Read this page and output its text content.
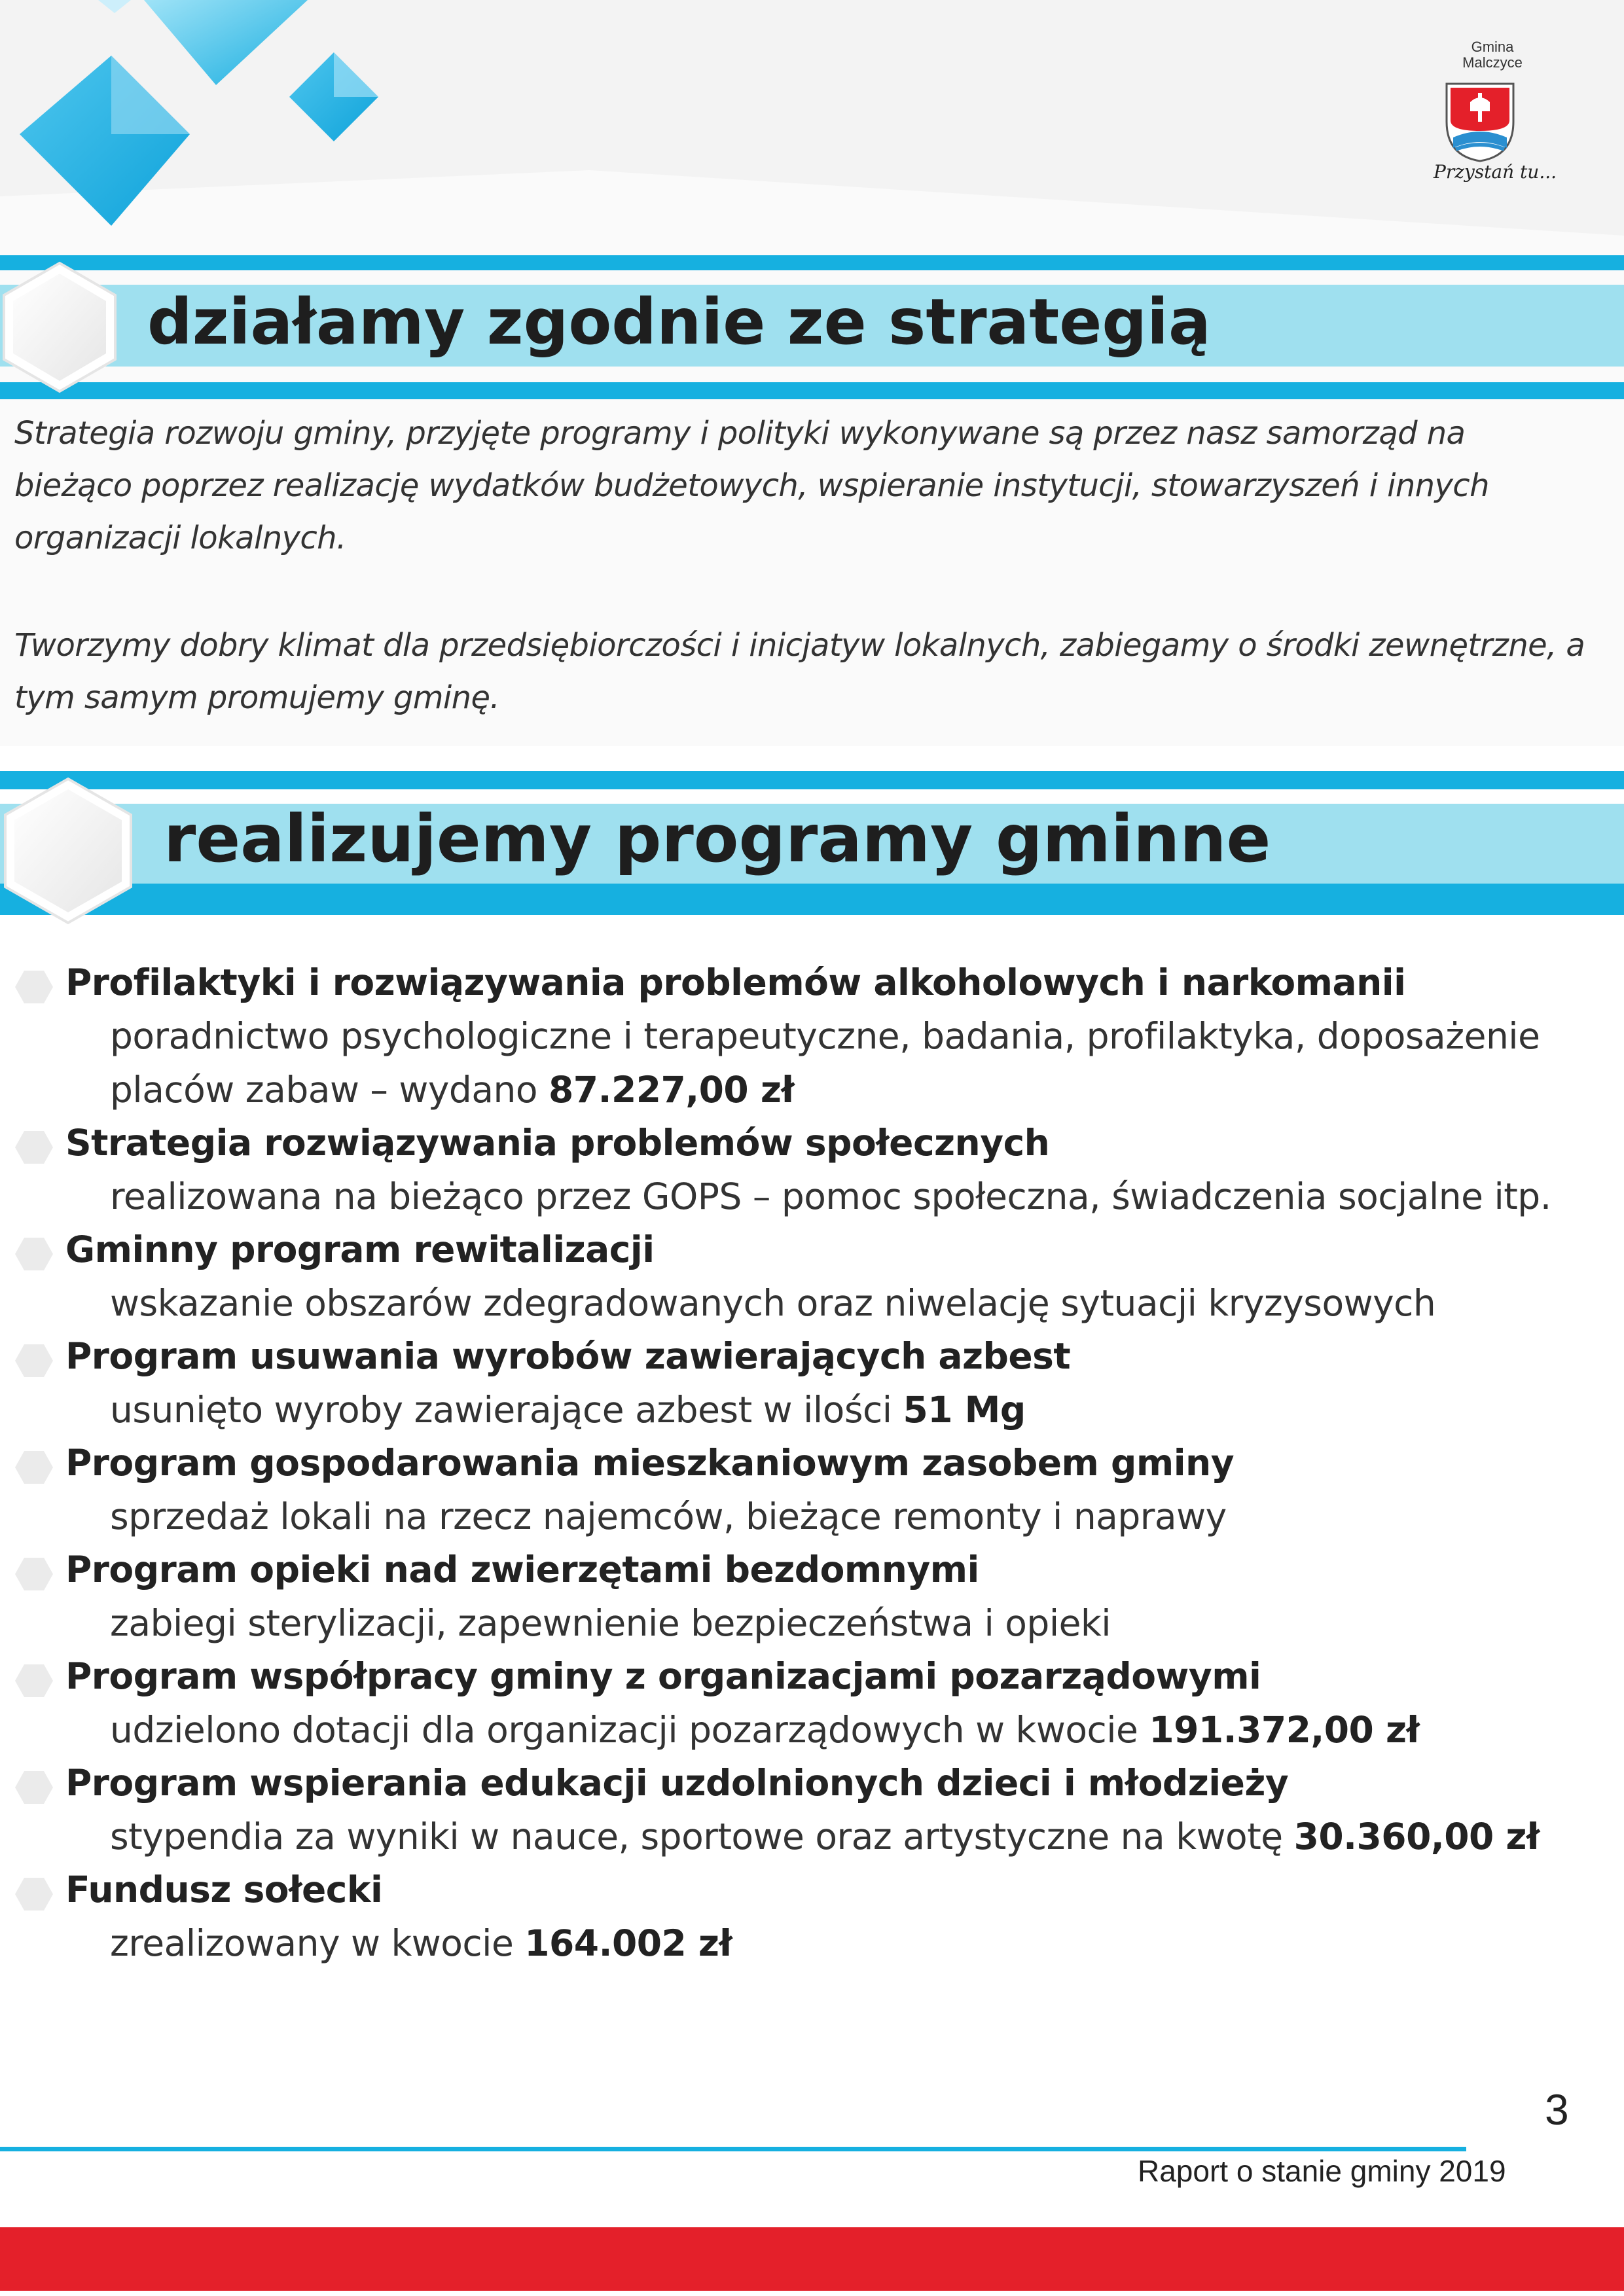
Gmina
Malczyce
Przystań tu...
działamy zgodnie ze strategią

Strategia rozwoju gminy, przyjęte programy i polityki wykonywane są przez nasz samorząd na bieżąco poprzez realizację wydatków budżetowych, wspieranie instytucji, stowarzyszeń i innych organizacji lokalnych.

Tworzymy dobry klimat dla przedsiębiorczości i inicjatyw lokalnych, zabiegamy o środki zewnętrzne, a tym samym promujemy gminę.

realizujemy programy gminne
Profilaktyki i rozwiązywania problemów alkoholowych i narkomanii
poradnictwo psychologiczne i terapeutyczne, badania, profilaktyka, doposażenie placów zabaw – wydano 87.227,00 zł
Strategia rozwiązywania problemów społecznych
realizowana na bieżąco przez GOPS – pomoc społeczna, świadczenia socjalne itp.
Gminny program rewitalizacji
wskazanie obszarów zdegradowanych oraz niwelację sytuacji kryzysowych
Program usuwania wyrobów zawierających azbest
usunięto wyroby zawierające azbest w ilości 51 Mg
Program gospodarowania mieszkaniowym zasobem gminy
sprzedaż lokali na rzecz najemców, bieżące remonty i naprawy
Program opieki nad zwierzętami bezdomnymi
zabiegi sterylizacji, zapewnienie bezpieczeństwa i opieki
Program współpracy gminy z organizacjami pozarządowymi
udzielono dotacji dla organizacji pozarządowych w kwocie 191.372,00 zł
Program wspierania edukacji uzdolnionych dzieci i młodzieży
stypendia za wyniki w nauce, sportowe oraz artystyczne na kwotę 30.360,00 zł
Fundusz sołecki
zrealizowany w kwocie 164.002 zł
3
Raport o stanie gminy 2019
